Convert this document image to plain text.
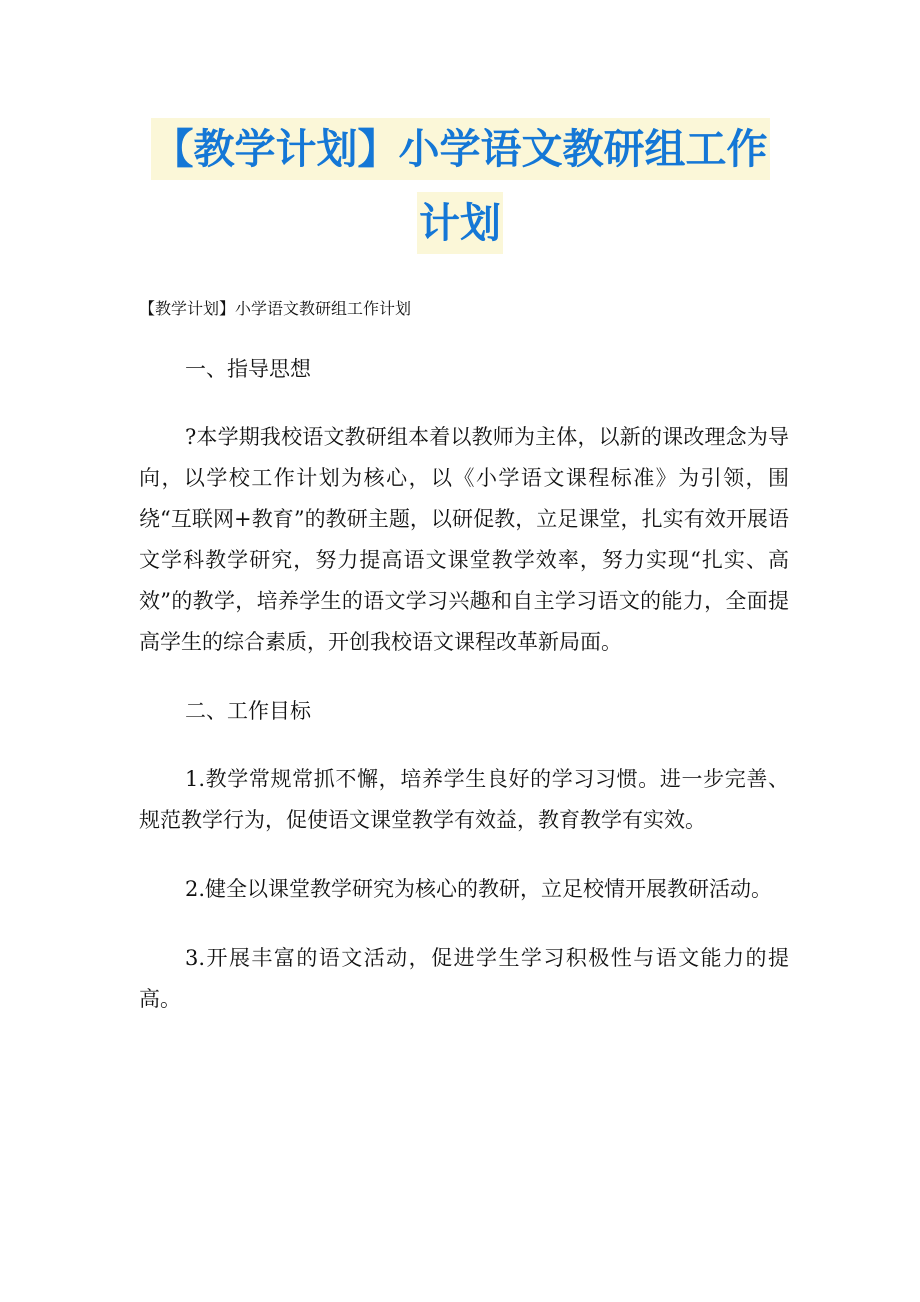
【教学计划】小学语文教研组工作
计划

【教学计划】小学语文教研组工作计划

一、指导思想

?本学期我校语文教研组本着以教师为主体，以新的课改理念为导向，以学校工作计划为核心，以《小学语文课程标准》为引领，围绕“互联网+教育”的教研主题，以研促教，立足课堂，扎实有效开展语文学科教学研究，努力提高语文课堂教学效率，努力实现“扎实、高效”的教学，培养学生的语文学习兴趣和自主学习语文的能力，全面提高学生的综合素质，开创我校语文课程改革新局面。

二、工作目标

1.教学常规常抓不懈，培养学生良好的学习习惯。进一步完善、规范教学行为，促使语文课堂教学有效益，教育教学有实效。

2.健全以课堂教学研究为核心的教研，立足校情开展教研活动。

3.开展丰富的语文活动，促进学生学习积极性与语文能力的提高。
